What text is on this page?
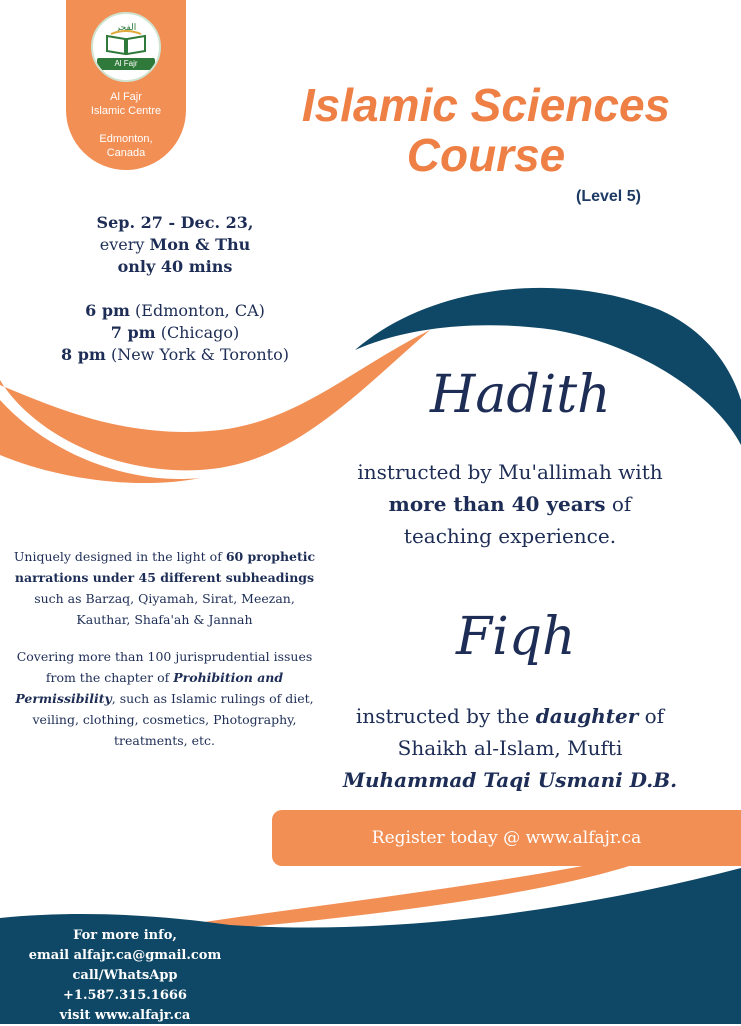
الفجر
Al Fajr
Al Fajr
Islamic Centre
Edmonton,
Canada
Islamic Sciences
Course
(Level 5)
Sep. 27 - Dec. 23,
every Mon & Thu
only 40 mins
6 pm (Edmonton, CA)
7 pm (Chicago)
8 pm (New York & Toronto)
Hadith
instructed by Mu'allimah with
more than 40 years of
teaching experience.
Fiqh
instructed by the daughter of
Shaikh al-Islam, Mufti
Muhammad Taqi Usmani D.B.

Uniquely designed in the light of 60 prophetic narrations under 45 different subheadings such as Barzaq, Qiyamah, Sirat, Meezan, Kauthar, Shafa'ah & Jannah

Covering more than 100 jurisprudential issues from the chapter of Prohibition and Permissibility, such as Islamic rulings of diet, veiling, clothing, cosmetics, Photography, treatments, etc.

Register today @ www.alfajr.ca
For more info,
email alfajr.ca@gmail.com
call/WhatsApp +1.587.315.1666
visit www.alfajr.ca
